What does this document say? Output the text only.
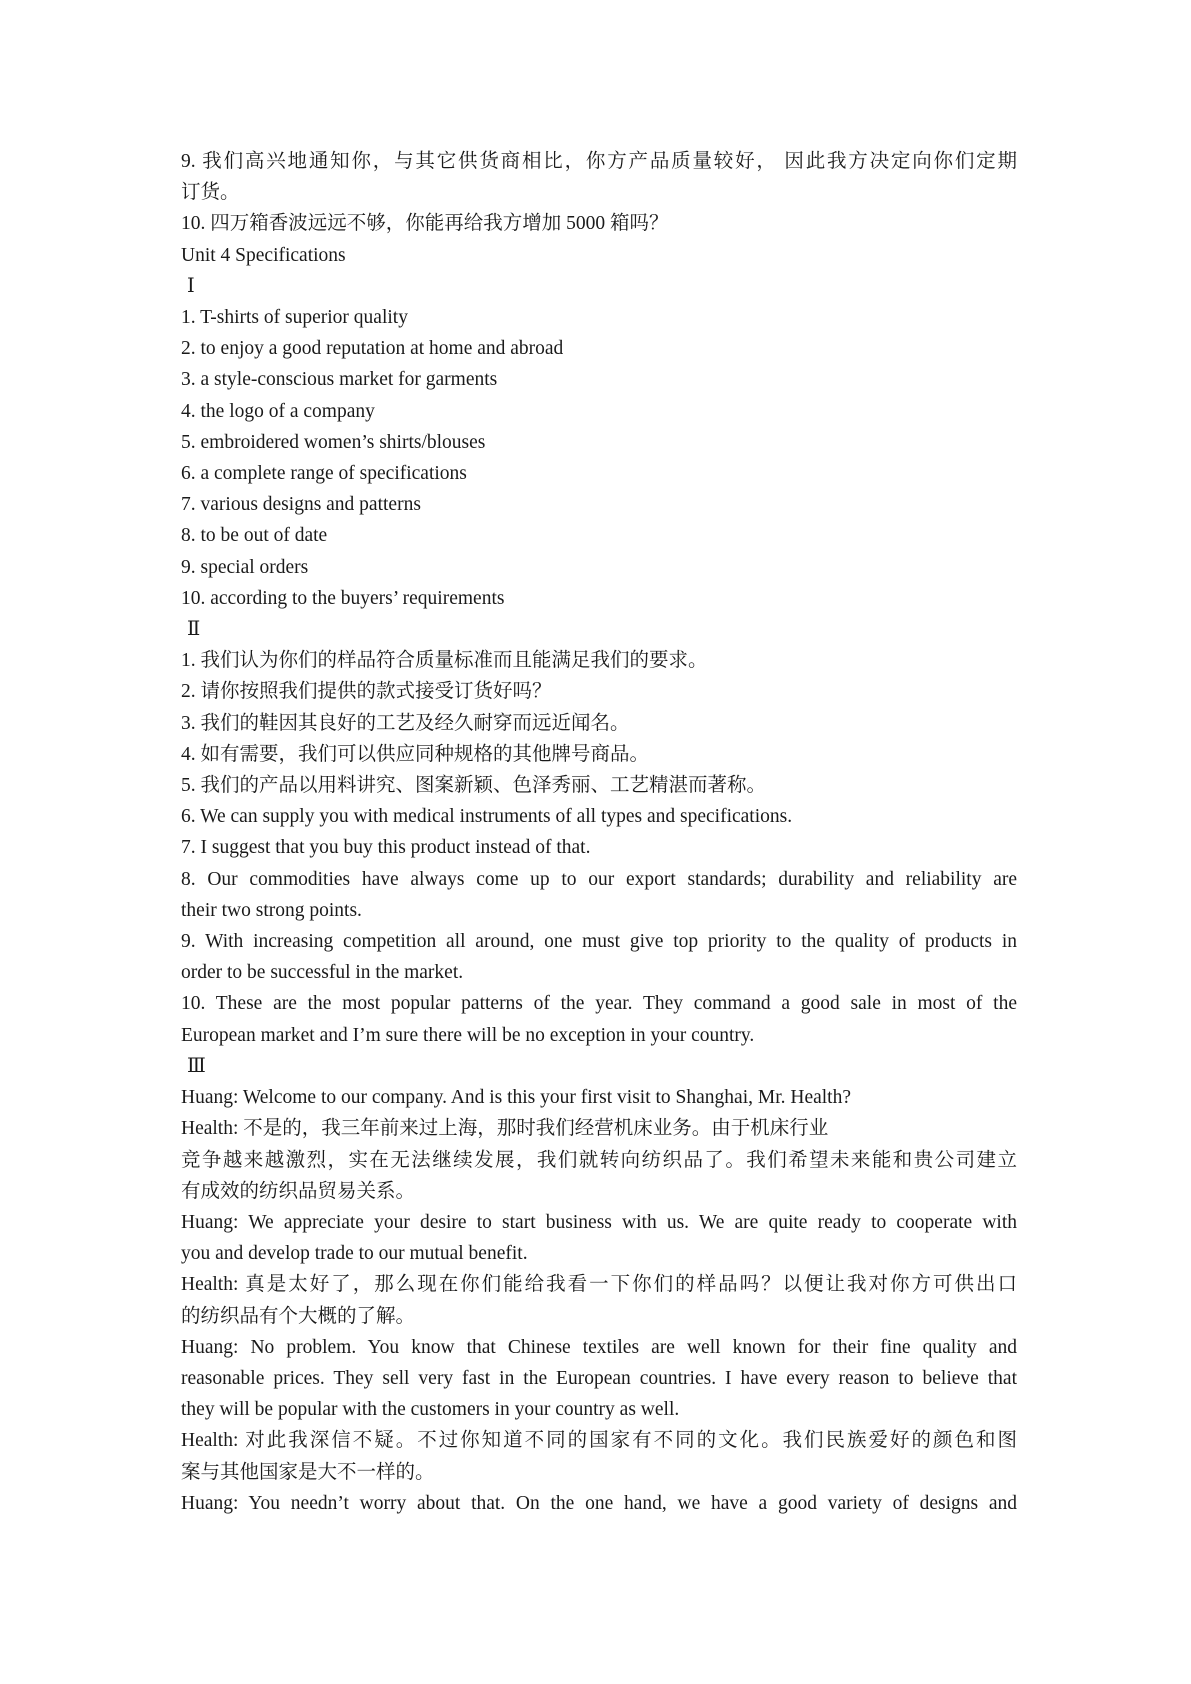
9. 我们高兴地通知你，与其它供货商相比，你方产品质量较好， 因此我方决定向你们定期
订货。
10. 四万箱香波远远不够，你能再给我方增加 5000 箱吗？
Unit 4 Specifications
Ⅰ
1. T-shirts of superior quality
2. to enjoy a good reputation at home and abroad
3. a style-conscious market for garments
4. the logo of a company
5. embroidered women’s shirts/blouses
6. a complete range of specifications
7. various designs and patterns
8. to be out of date
9. special orders
10. according to the buyers’ requirements
Ⅱ
1. 我们认为你们的样品符合质量标准而且能满足我们的要求。
2. 请你按照我们提供的款式接受订货好吗？
3. 我们的鞋因其良好的工艺及经久耐穿而远近闻名。
4. 如有需要，我们可以供应同种规格的其他牌号商品。
5. 我们的产品以用料讲究、图案新颖、色泽秀丽、工艺精湛而著称。
6. We can supply you with medical instruments of all types and specifications.
7. I suggest that you buy this product instead of that.
8. Our commodities have always come up to our export standards; durability and reliability are
their two strong points.
9. With increasing competition all around, one must give top priority to the quality of products in
order to be successful in the market.
10. These are the most popular patterns of the year. They command a good sale in most of the
European market and I’m sure there will be no exception in your country.
Ⅲ
Huang: Welcome to our company. And is this your first visit to Shanghai, Mr. Health?
Health: 不是的，我三年前来过上海，那时我们经营机床业务。由于机床行业
竞争越来越激烈，实在无法继续发展，我们就转向纺织品了。我们希望未来能和贵公司建立
有成效的纺织品贸易关系。
Huang: We appreciate your desire to start business with us. We are quite ready to cooperate with
you and develop trade to our mutual benefit.
Health: 真是太好了，那么现在你们能给我看一下你们的样品吗？以便让我对你方可供出口
的纺织品有个大概的了解。
Huang: No problem. You know that Chinese textiles are well known for their fine quality and
reasonable prices. They sell very fast in the European countries. I have every reason to believe that
they will be popular with the customers in your country as well.
Health: 对此我深信不疑。不过你知道不同的国家有不同的文化。我们民族爱好的颜色和图
案与其他国家是大不一样的。
Huang: You needn’t worry about that. On the one hand, we have a good variety of designs and
